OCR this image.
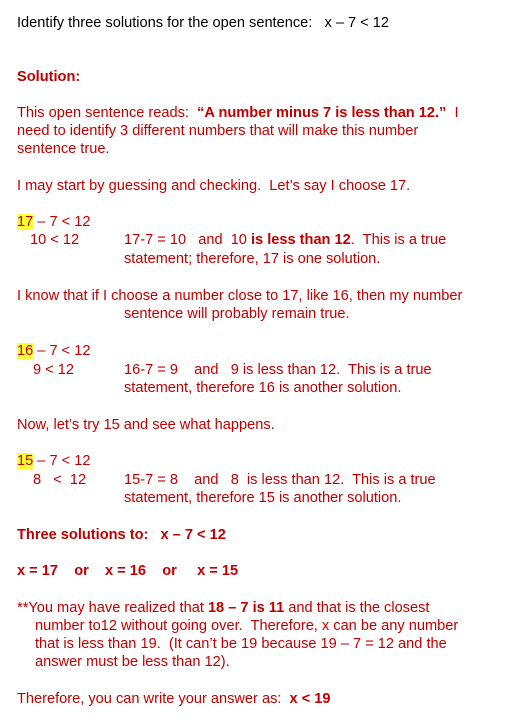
Identify three solutions for the open sentence:   x – 7 < 12
Solution:
This open sentence reads:  “A number minus 7 is less than 12.”  I
need to identify 3 different numbers that will make this number
sentence true.
I may start by guessing and checking.  Let’s say I choose 17.
17 – 7 < 12
10 < 12	17-7 = 10   and  10 is less than 12.  This is a true
statement; therefore, 17 is one solution.
I know that if I choose a number close to 17, like 16, then my number
sentence will probably remain true.
16 – 7 < 12
9 < 12	16-7 = 9    and   9 is less than 12.  This is a true
statement, therefore 16 is another solution.
Now, let’s try 15 and see what happens.
15 – 7 < 12
8   <  12	15-7 = 8    and   8  is less than 12.  This is a true
statement, therefore 15 is another solution.
Three solutions to:   x – 7 < 12
x = 17    or    x = 16    or     x = 15
**You may have realized that 18 – 7 is 11 and that is the closest
number to12 without going over.  Therefore, x can be any number
that is less than 19.  (It can’t be 19 because 19 – 7 = 12 and the
answer must be less than 12).
Therefore, you can write your answer as:  x < 19
